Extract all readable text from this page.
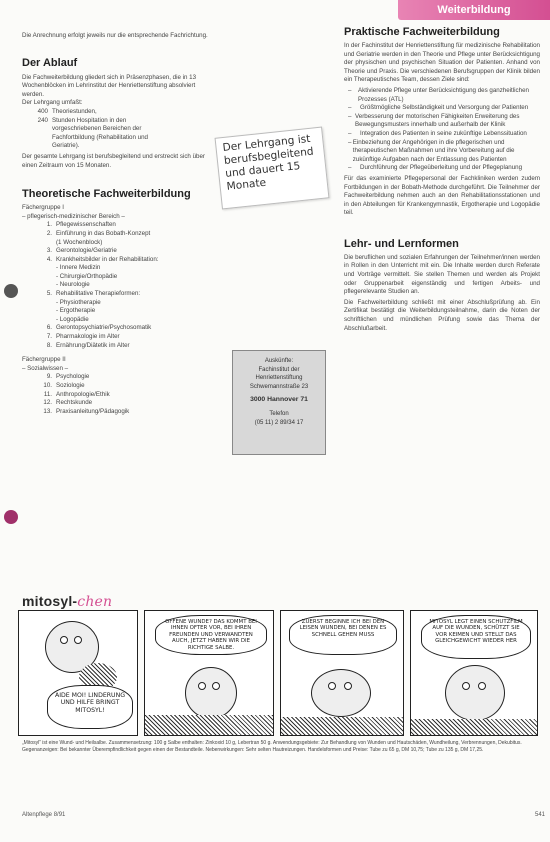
Weiterbildung
Die Anrechnung erfolgt jeweils nur die entsprechende Fachrichtung.
Der Ablauf
Die Fachweiterbildung gliedert sich in Präsenzphasen, die in 13 Wochenblöcken im Lehrinstitut der Henriettenstiftung absolviert werden.
Der Lehrgang umfaßt:
400 Theoriestunden,
240 Stunden Hospitation in den vorgeschriebenen Bereichen der Fachfortbildung (Rehabilitation und Geriatrie).
Der gesamte Lehrgang ist berufsbegleitend und erstreckt sich über einen Zeitraum von 15 Monaten.
Theoretische Fachweiterbildung
Fächergruppe I
– pflegerisch-medizinischer Bereich –
1. Pflegewissenschaften
2. Einführung in das Bobath-Konzept
(1 Wochenblock)
3. Gerontologie/Geriatrie
4. Krankheitsbilder in der Rehabilitation:
- Innere Medizin
- Chirurgie/Orthopädie
- Neurologie
5. Rehabilitative Therapieformen:
- Physiotherapie
- Ergotherapie
- Logopädie
6. Gerontopsychiatrie/Psychosomatik
7. Pharmakologie im Alter
8. Ernährung/Diätetik im Alter
Fächergruppe II
– Sozialwissen –
9. Psychologie
10. Soziologie
11. Anthropologie/Ethik
12. Rechtskunde
13. Praxisanleitung/Pädagogik
Der Lehrgang ist berufsbegleitend und dauert 15 Monate
Auskünfte:
Fachinstitut der
Henriettenstiftung
Schwemannstraße 23
3000 Hannover 71
Telefon
(05 11) 2 89/34 17
Praktische Fachweiterbildung
In der Fachinstitut der Henriettenstiftung für medizinische Rehabilitation und Geriatrie werden in den Theorie und Pflege unter Berücksichtigung der physischen und psychischen Situation der Patienten. Anhand von Theorie und Praxis. Die verschiedenen Berufsgruppen der Klinik bilden ein Therapeutisches Team, dessen Ziele sind:
– Aktivierende Pflege unter Berücksichtigung des ganzheitlichen Prozesses (ATL)
– Größtmögliche Selbständigkeit und Versorgung der Patienten
– Verbesserung der motorischen Fähigkeiten Erweiterung des Bewegungsmusters innerhalb und außerhalb der Klinik
– Integration des Patienten in seine zukünftige Lebenssituation
– Einbeziehung der Angehörigen in die pflegerischen und therapeutischen Maßnahmen und ihre Vorbereitung auf die zukünftige Aufgaben nach der Entlassung des Patienten
– Durchführung der Pflegeüberleitung und der Pflegeplanung
Für das examinierte Pflegepersonal der Fachkliniken werden zudem Fortbildungen in der Bobath-Methode durchgeführt. Die Teilnehmer der Fachweiterbildung nehmen auch an den Rehabilitationsstationen und in den Abteilungen für Krankengymnastik, Ergotherapie und Logopädie teil.
Lehr- und Lernformen
Die beruflichen und sozialen Erfahrungen der Teilnehmer/innen werden in Rollen in den Unterricht mit ein. Die Inhalte werden durch Referate und Vorträge vermittelt. Sie stellen Themen und werden als Projekt oder Gruppenarbeit eigenständig und fertigen Arbeits- und pflegerelevante Studien an.
Die Fachweiterbildung schließt mit einer Abschlußprüfung ab. Ein Zertifikat bestätigt die Weiterbildungsteilnahme, darin die Noten der schriftlichen und mündlichen Prüfung sowie das Thema der Abschlußarbeit.
mitosyl-chen
AIDE MOI! LINDERUNG UND HILFE BRINGT MITOSYL!
OFFENE WUNDE? DAS KOMMT BEI IHNEN OFTER VOR, BEI IHREN FREUNDEN UND VERWANDTEN AUCH, JETZT HABEN WIR DIE RICHTIGE SALBE.
ZUERST BEGINNE ICH BEI DEN LEISEN WUNDEN, BEI DENEN ES SCHNELL GEHEN MUSS
MITOSYL LEGT EINEN SCHUTZFILM AUF DIE WUNDEN, SCHÜTZT SIE VOR KEIMEN UND STELLT DAS GLEICHGEWICHT WIEDER HER
„Mitosyl“ ist eine Wund- und Heilsalbe. Zusammensetzung: 100 g Salbe enthalten: Zinkoxid 10 g, Lebertran 50 g. Anwendungsgebiete: Zur Behandlung von Wunden und Hautschäden, Wundheilung, Verbrennungen, Dekubitus. Gegenanzeigen: Bei bekannter Überempfindlichkeit gegen einen der Bestandteile. Nebenwirkungen: Sehr selten Hautreizungen. Handelsformen und Preise: Tube zu 65 g, DM 10,75; Tube zu 135 g, DM 17,25.
Altenpflege 8/91	541
